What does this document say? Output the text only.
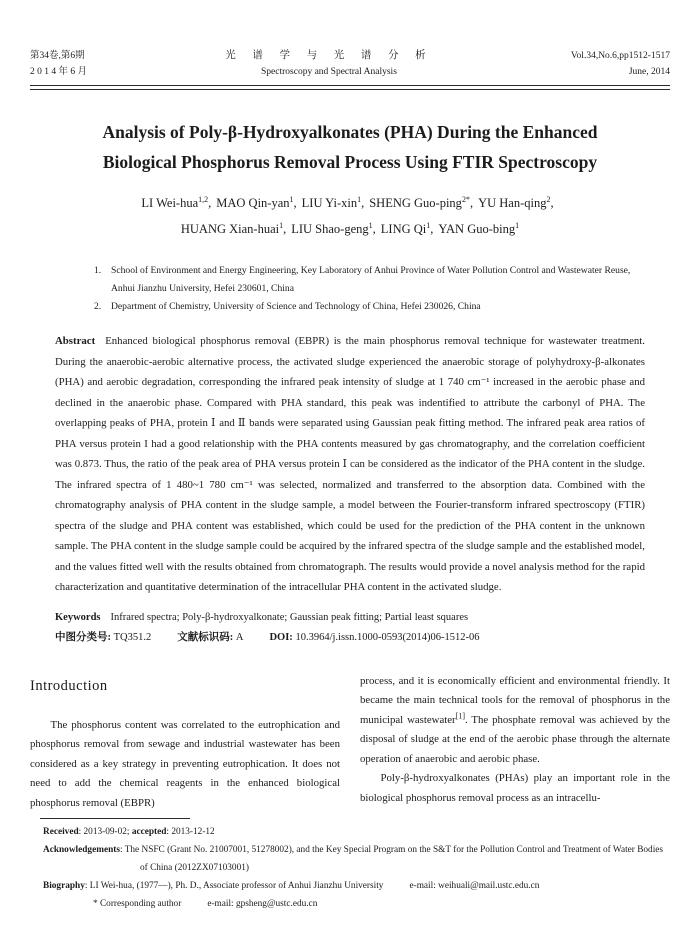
第34卷,第6期
2 0 1 4 年 6 月
光 谱 学 与 光 谱 分 析
Spectroscopy and Spectral Analysis
Vol.34,No.6,pp1512-1517
June, 2014
Analysis of Poly-β-Hydroxyalkonates (PHA) During the Enhanced
Biological Phosphorus Removal Process Using FTIR Spectroscopy
LI Wei-hua$^{1,2}$, MAO Qin-yan$^1$, LIU Yi-xin$^1$, SHENG Guo-ping$^{2*}$, YU Han-qing$^2$,
HUANG Xian-huai$^1$, LIU Shao-geng$^1$, LING Qi$^1$, YAN Guo-bing$^1$
1.	School of Environment and Energy Engineering, Key Laboratory of Anhui Province of Water Pollution Control and Wastewater Reuse, Anhui Jianzhu University, Hefei 230601, China
2.	Department of Chemistry, University of Science and Technology of China, Hefei 230026, China
Abstract Enhanced biological phosphorus removal (EBPR) is the main phosphorus removal technique for wastewater treatment. During the anaerobic-aerobic alternative process, the activated sludge experienced the anaerobic storage of polyhydroxy-β-alkonates (PHA) and aerobic degradation, corresponding the infrared peak intensity of sludge at 1 740 cm⁻¹ increased in the aerobic phase and declined in the anaerobic phase. Compared with PHA standard, this peak was indentified to attribute the carbonyl of PHA. The overlapping peaks of PHA, protein Ⅰ and Ⅱ bands were separated using Gaussian peak fitting method. The infrared peak area ratios of PHA versus protein I had a good relationship with the PHA contents measured by gas chromatography, and the correlation coefficient was 0.873. Thus, the ratio of the peak area of PHA versus protein Ⅰ can be considered as the indicator of the PHA content in the sludge. The infrared spectra of 1 480~1 780 cm⁻¹ was selected, normalized and transferred to the absorption data. Combined with the chromatography analysis of PHA content in the sludge sample, a model between the Fourier-transform infrared spectroscopy (FTIR) spectra of the sludge and PHA content was established, which could be used for the prediction of the PHA content in the unknown sample. The PHA content in the sludge sample could be acquired by the infrared spectra of the sludge sample and the established model, and the values fitted well with the results obtained from chromatograph. The results would provide a novel analysis method for the rapid characterization and quantitative determination of the intracellular PHA content in the activated sludge.
Keywords Infrared spectra; Poly-β-hydroxyalkonate; Gaussian peak fitting; Partial least squares
中图分类号: TQ351.2 文献标识码: A DOI: 10.3964/j.issn.1000-0593(2014)06-1512-06
Introduction

The phosphorus content was correlated to the eutrophication and phosphorus removal from sewage and industrial wastewater has been considered as a key strategy in preventing eutrophication. It does not need to add the chemical reagents in the enhanced biological phosphorus removal (EBPR)

process, and it is economically efficient and environmental friendly. It became the main technical tools for the removal of phosphorus in the municipal wastewater[1]. The phosphate removal was achieved by the disposal of sludge at the end of the aerobic phase through the alternate operation of anaerobic and aerobic phase.

Poly-β-hydroxyalkonates (PHAs) play an important role in the biological phosphorus removal process as an intracellu-

Received: 2013-09-02; accepted: 2013-12-12
Acknowledgements: The NSFC (Grant No. 21007001, 51278002), and the Key Special Program on the S&T for the Pollution Control and Treatment of Water Bodies of China (2012ZX07103001)
Biography: LI Wei-hua, (1977—), Ph. D., Associate professor of Anhui Jianzhu University	e-mail: weihuali@mail.ustc.edu.cn
* Corresponding author	e-mail: gpsheng@ustc.edu.cn
